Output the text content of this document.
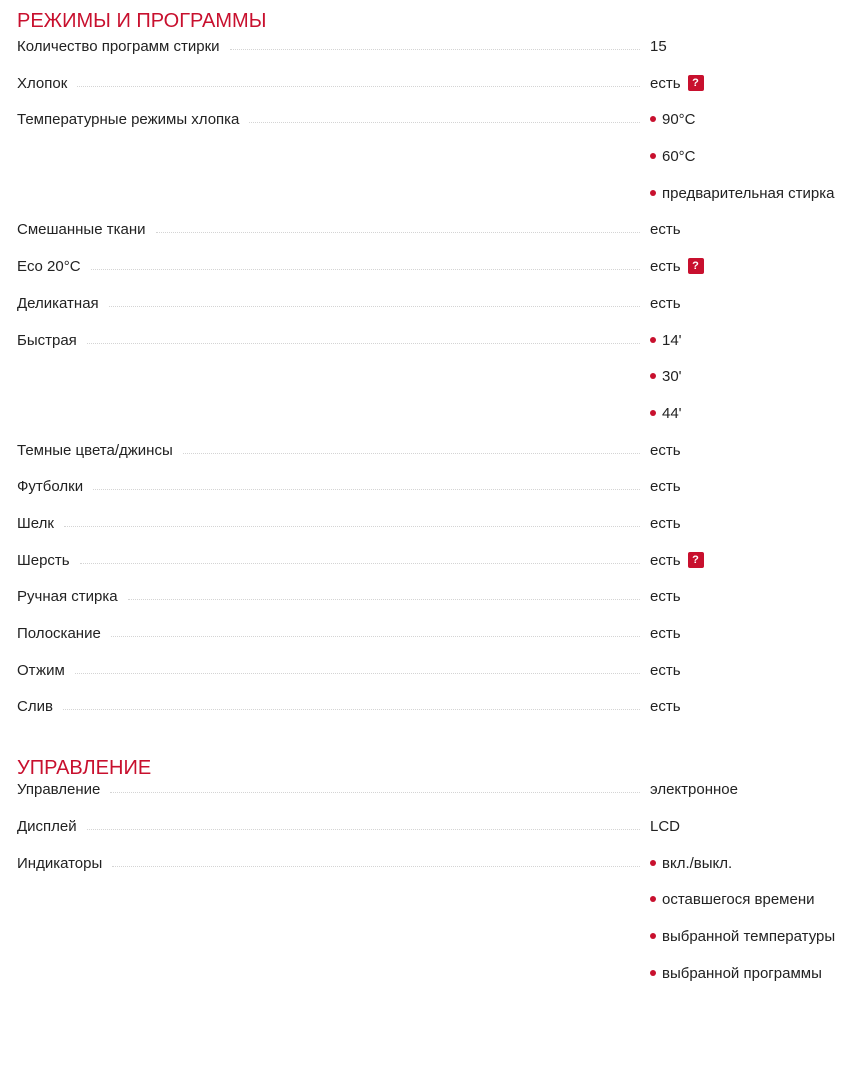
РЕЖИМЫ И ПРОГРАММЫ
Количество программ стирки	15
Хлопок	есть ?
Температурные режимы хлопка	90°C
60°C
предварительная стирка
Смешанные ткани	есть
Eco 20°C	есть ?
Деликатная	есть
Быстрая	14'
30'
44'
Темные цвета/джинсы	есть
Футболки	есть
Шелк	есть
Шерсть	есть ?
Ручная стирка	есть
Полоскание	есть
Отжим	есть
Слив	есть
УПРАВЛЕНИЕ
Управление	электронное
Дисплей	LCD
Индикаторы	вкл./выкл.
оставшегося времени
выбранной температуры
выбранной программы
